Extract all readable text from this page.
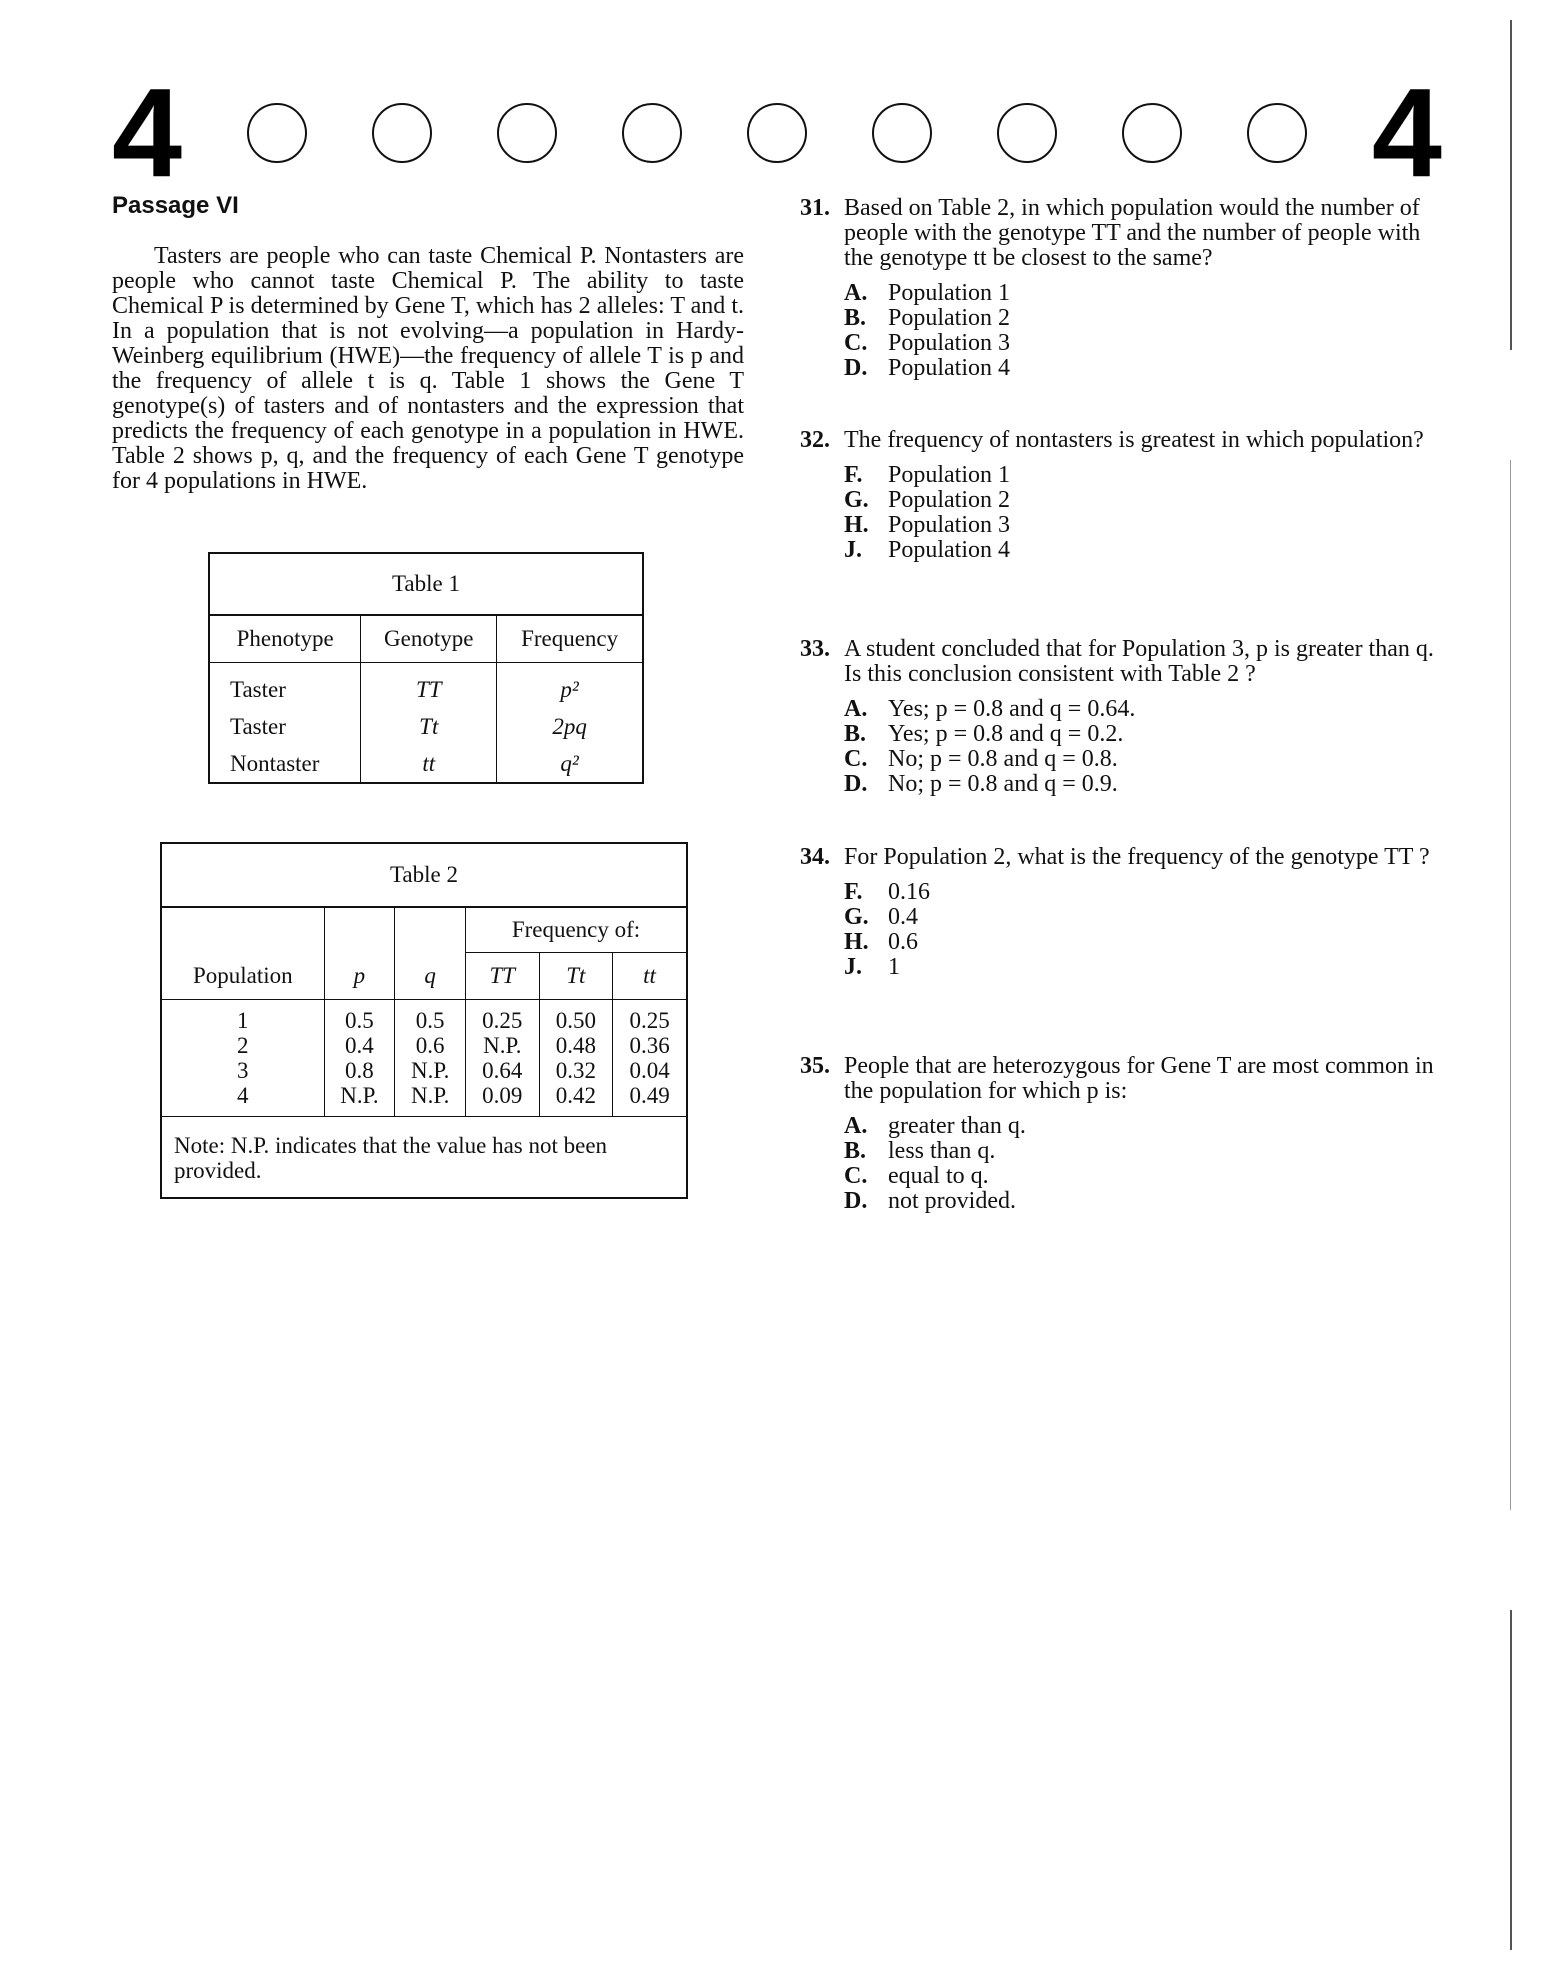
4	4
Passage VI

Tasters are people who can taste Chemical P. Nontasters are people who cannot taste Chemical P. The ability to taste Chemical P is determined by Gene T, which has 2 alleles: T and t. In a population that is not evolving—a population in Hardy-Weinberg equilibrium (HWE)—the frequency of allele T is p and the frequency of allele t is q. Table 1 shows the Gene T genotype(s) of tasters and of nontasters and the expression that predicts the frequency of each genotype in a population in HWE. Table 2 shows p, q, and the frequency of each Gene T genotype for 4 populations in HWE.

Table 1		
Phenotype	Genotype	Frequency
Taster	TT	p²
Taster	Tt	2pq
Nontaster	tt	q²
Table 2					
Population	p	q	Frequency of:		
			TT	Tt	tt
1	0.5	0.5	0.25	0.50	0.25
2	0.4	0.6	N.P.	0.48	0.36
3	0.8	N.P.	0.64	0.32	0.04
4	N.P.	N.P.	0.09	0.42	0.49
Note: N.P. indicates that the value has not been provided.					
31. Based on Table 2, in which population would the number of people with the genotype TT and the number of people with the genotype tt be closest to the same?
A. Population 1
B. Population 2
C. Population 3
D. Population 4
32. The frequency of nontasters is greatest in which population?
F. Population 1
G. Population 2
H. Population 3
J. Population 4
33. A student concluded that for Population 3, p is greater than q. Is this conclusion consistent with Table 2 ?
A. Yes; p = 0.8 and q = 0.64.
B. Yes; p = 0.8 and q = 0.2.
C. No; p = 0.8 and q = 0.8.
D. No; p = 0.8 and q = 0.9.
34. For Population 2, what is the frequency of the genotype TT ?
F. 0.16
G. 0.4
H. 0.6
J. 1
35. People that are heterozygous for Gene T are most common in the population for which p is:
A. greater than q.
B. less than q.
C. equal to q.
D. not provided.
